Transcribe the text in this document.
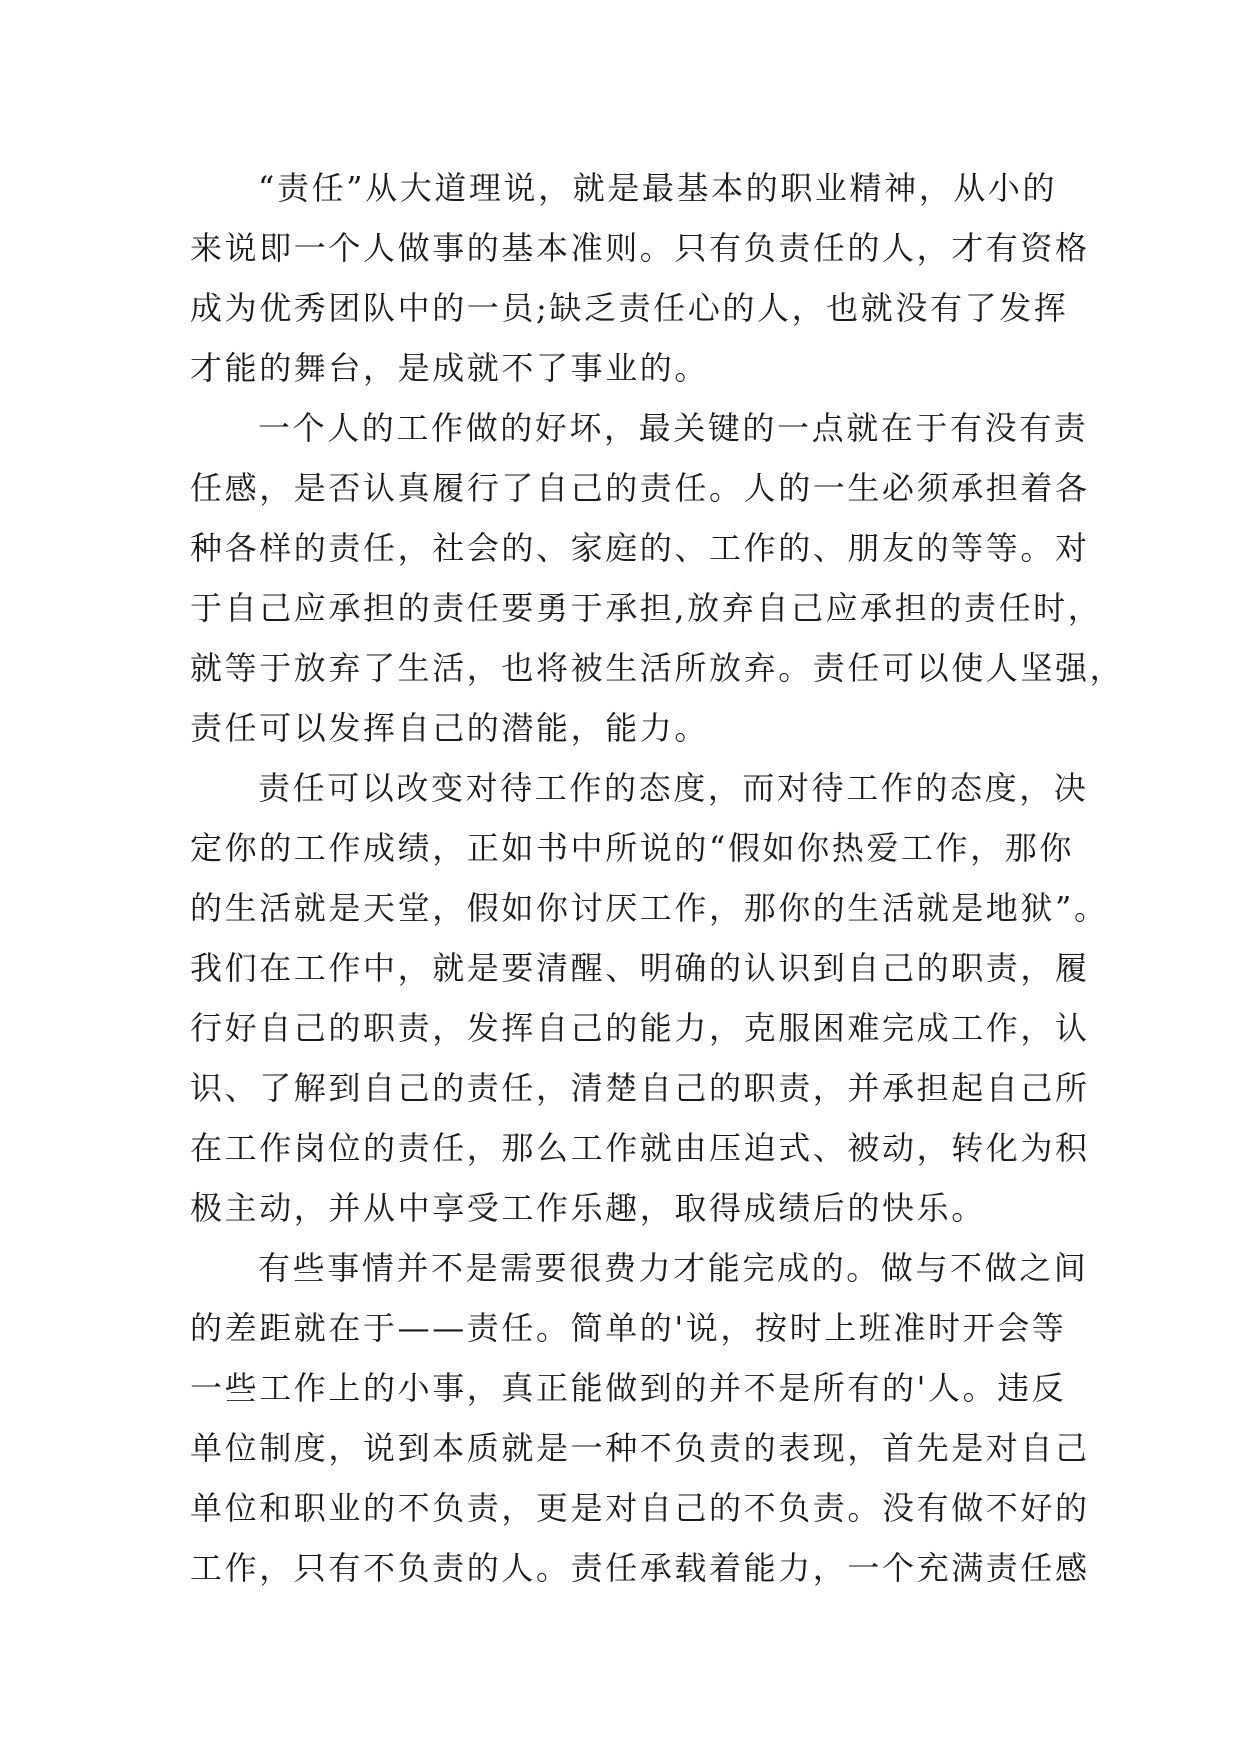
“责任”从大道理说，就是最基本的职业精神，从小的
来说即一个人做事的基本准则。只有负责任的人，才有资格
成为优秀团队中的一员;缺乏责任心的人，也就没有了发挥
才能的舞台，是成就不了事业的。
一个人的工作做的好坏，最关键的一点就在于有没有责
任感，是否认真履行了自己的责任。人的一生必须承担着各
种各样的责任，社会的、家庭的、工作的、朋友的等等。对
于自己应承担的责任要勇于承担,放弃自己应承担的责任时，
就等于放弃了生活，也将被生活所放弃。责任可以使人坚强，
责任可以发挥自己的潜能，能力。
责任可以改变对待工作的态度，而对待工作的态度，决
定你的工作成绩，正如书中所说的“假如你热爱工作，那你
的生活就是天堂，假如你讨厌工作，那你的生活就是地狱”。
我们在工作中，就是要清醒、明确的认识到自己的职责，履
行好自己的职责，发挥自己的能力，克服困难完成工作，认
识、了解到自己的责任，清楚自己的职责，并承担起自己所
在工作岗位的责任，那么工作就由压迫式、被动，转化为积
极主动，并从中享受工作乐趣，取得成绩后的快乐。
有些事情并不是需要很费力才能完成的。做与不做之间
的差距就在于——责任。简单的'说，按时上班准时开会等
一些工作上的小事，真正能做到的并不是所有的'人。违反
单位制度，说到本质就是一种不负责的表现，首先是对自己
单位和职业的不负责，更是对自己的不负责。没有做不好的
工作，只有不负责的人。责任承载着能力，一个充满责任感
